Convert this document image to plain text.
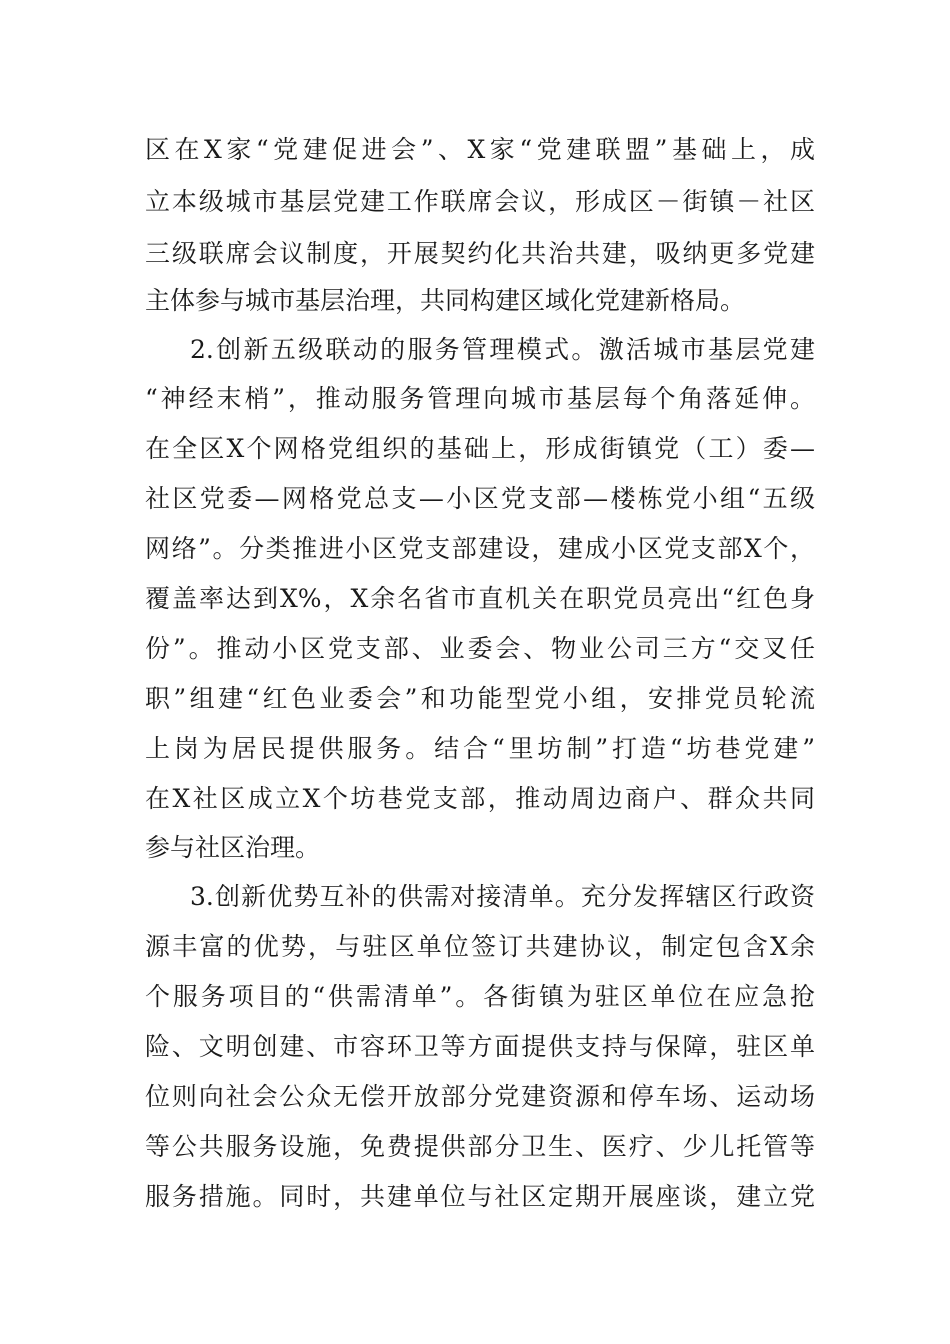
区在X家“党建促进会”、X家“党建联盟”基础上，成
立本级城市基层党建工作联席会议，形成区－街镇－社区
三级联席会议制度，开展契约化共治共建，吸纳更多党建
主体参与城市基层治理，共同构建区域化党建新格局。
2.创新五级联动的服务管理模式。激活城市基层党建
“神经末梢”，推动服务管理向城市基层每个角落延伸。
在全区X个网格党组织的基础上，形成街镇党（工）委—
社区党委—网格党总支—小区党支部—楼栋党小组“五级
网络”。分类推进小区党支部建设，建成小区党支部X个，
覆盖率达到X%，X余名省市直机关在职党员亮出“红色身
份”。推动小区党支部、业委会、物业公司三方“交叉任
职”组建“红色业委会”和功能型党小组，安排党员轮流
上岗为居民提供服务。结合“里坊制”打造“坊巷党建”
在X社区成立X个坊巷党支部，推动周边商户、群众共同
参与社区治理。
3.创新优势互补的供需对接清单。充分发挥辖区行政资
源丰富的优势，与驻区单位签订共建协议，制定包含X余
个服务项目的“供需清单”。各街镇为驻区单位在应急抢
险、文明创建、市容环卫等方面提供支持与保障，驻区单
位则向社会公众无偿开放部分党建资源和停车场、运动场
等公共服务设施，免费提供部分卫生、医疗、少儿托管等
服务措施。同时，共建单位与社区定期开展座谈，建立党
